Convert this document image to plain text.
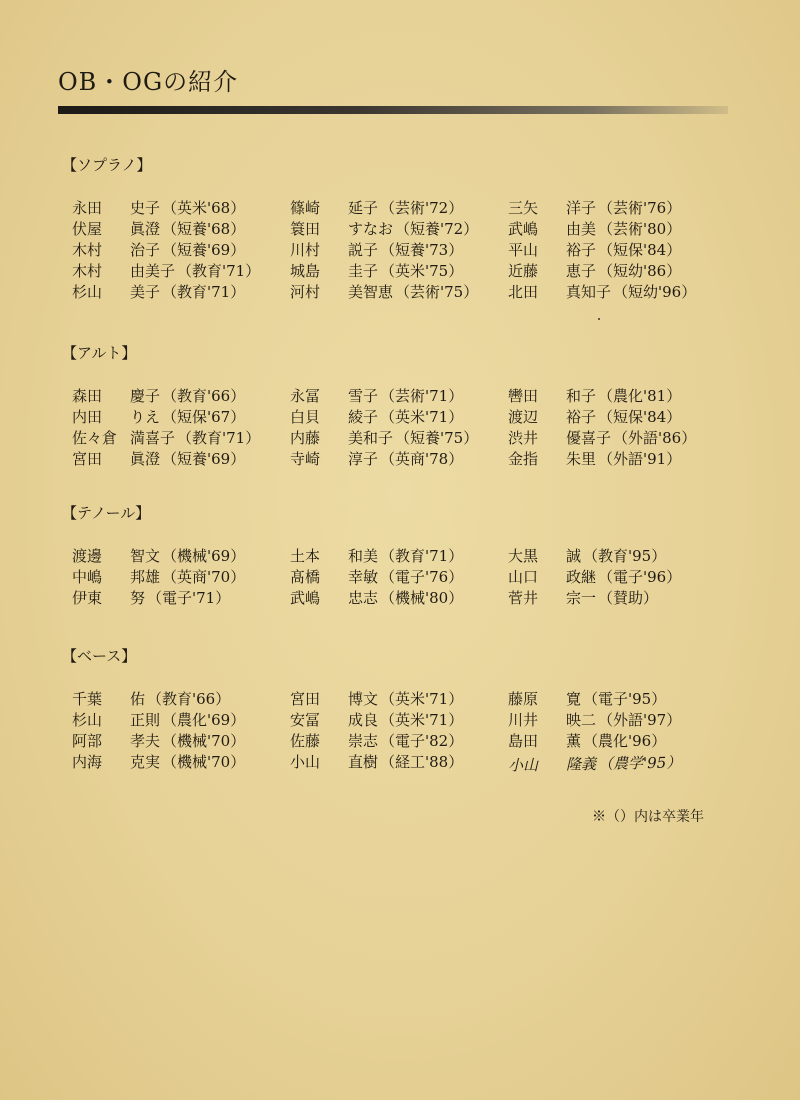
OB・OGの紹介
【ソプラノ】
永田	史子 （英米'68）	篠崎	延子 （芸術'72）	三矢	洋子 （芸術'76）
伏屋	眞澄 （短養'68）	簑田	すなお （短養'72） 武嶋	由美 （芸術'80）
木村	治子 （短養'69）	川村	説子 （短養'73）	平山	裕子 （短保'84）
木村	由美子 （教育'71） 城島	圭子 （英米'75）	近藤	恵子 （短幼'86）
杉山	美子 （教育'71）	河村	美智恵 （芸術'75） 北田	真知子 （短幼'96）
【アルト】
森田	慶子 （教育'66）	永冨	雪子 （芸術'71）	轡田	和子 （農化'81）
内田	りえ （短保'67）	白貝	綾子 （英米'71）	渡辺	裕子 （短保'84）
佐々倉 満喜子 （教育'71） 内藤	美和子 （短養'75） 渋井	優喜子 （外語'86）
宮田	眞澄 （短養'69）	寺崎	淳子 （英商'78）	金指	朱里 （外語'91）
【テノール】
渡邊	智文 （機械'69）	土本	和美 （教育'71）	大黒	誠 （教育'95）
中嶋	邦雄 （英商'70）	髙橋	幸敏 （電子'76）	山口	政継 （電子'96）
伊東	努 （電子'71）	武嶋	忠志 （機械'80）	菅井	宗一 （賛助）
【ベース】
千葉	佑 （教育'66）	宮田	博文 （英米'71）	藤原	寛 （電子'95）
杉山	正則 （農化'69）	安冨	成良 （英米'71）	川井	映二 （外語'97）
阿部	孝夫 （機械'70）	佐藤	崇志 （電子'82）	島田	薫 （農化'96）
内海	克実 （機械'70）	小山	直樹 （経工'88）	小山	隆義 （農学'95）
※（）内は卒業年
